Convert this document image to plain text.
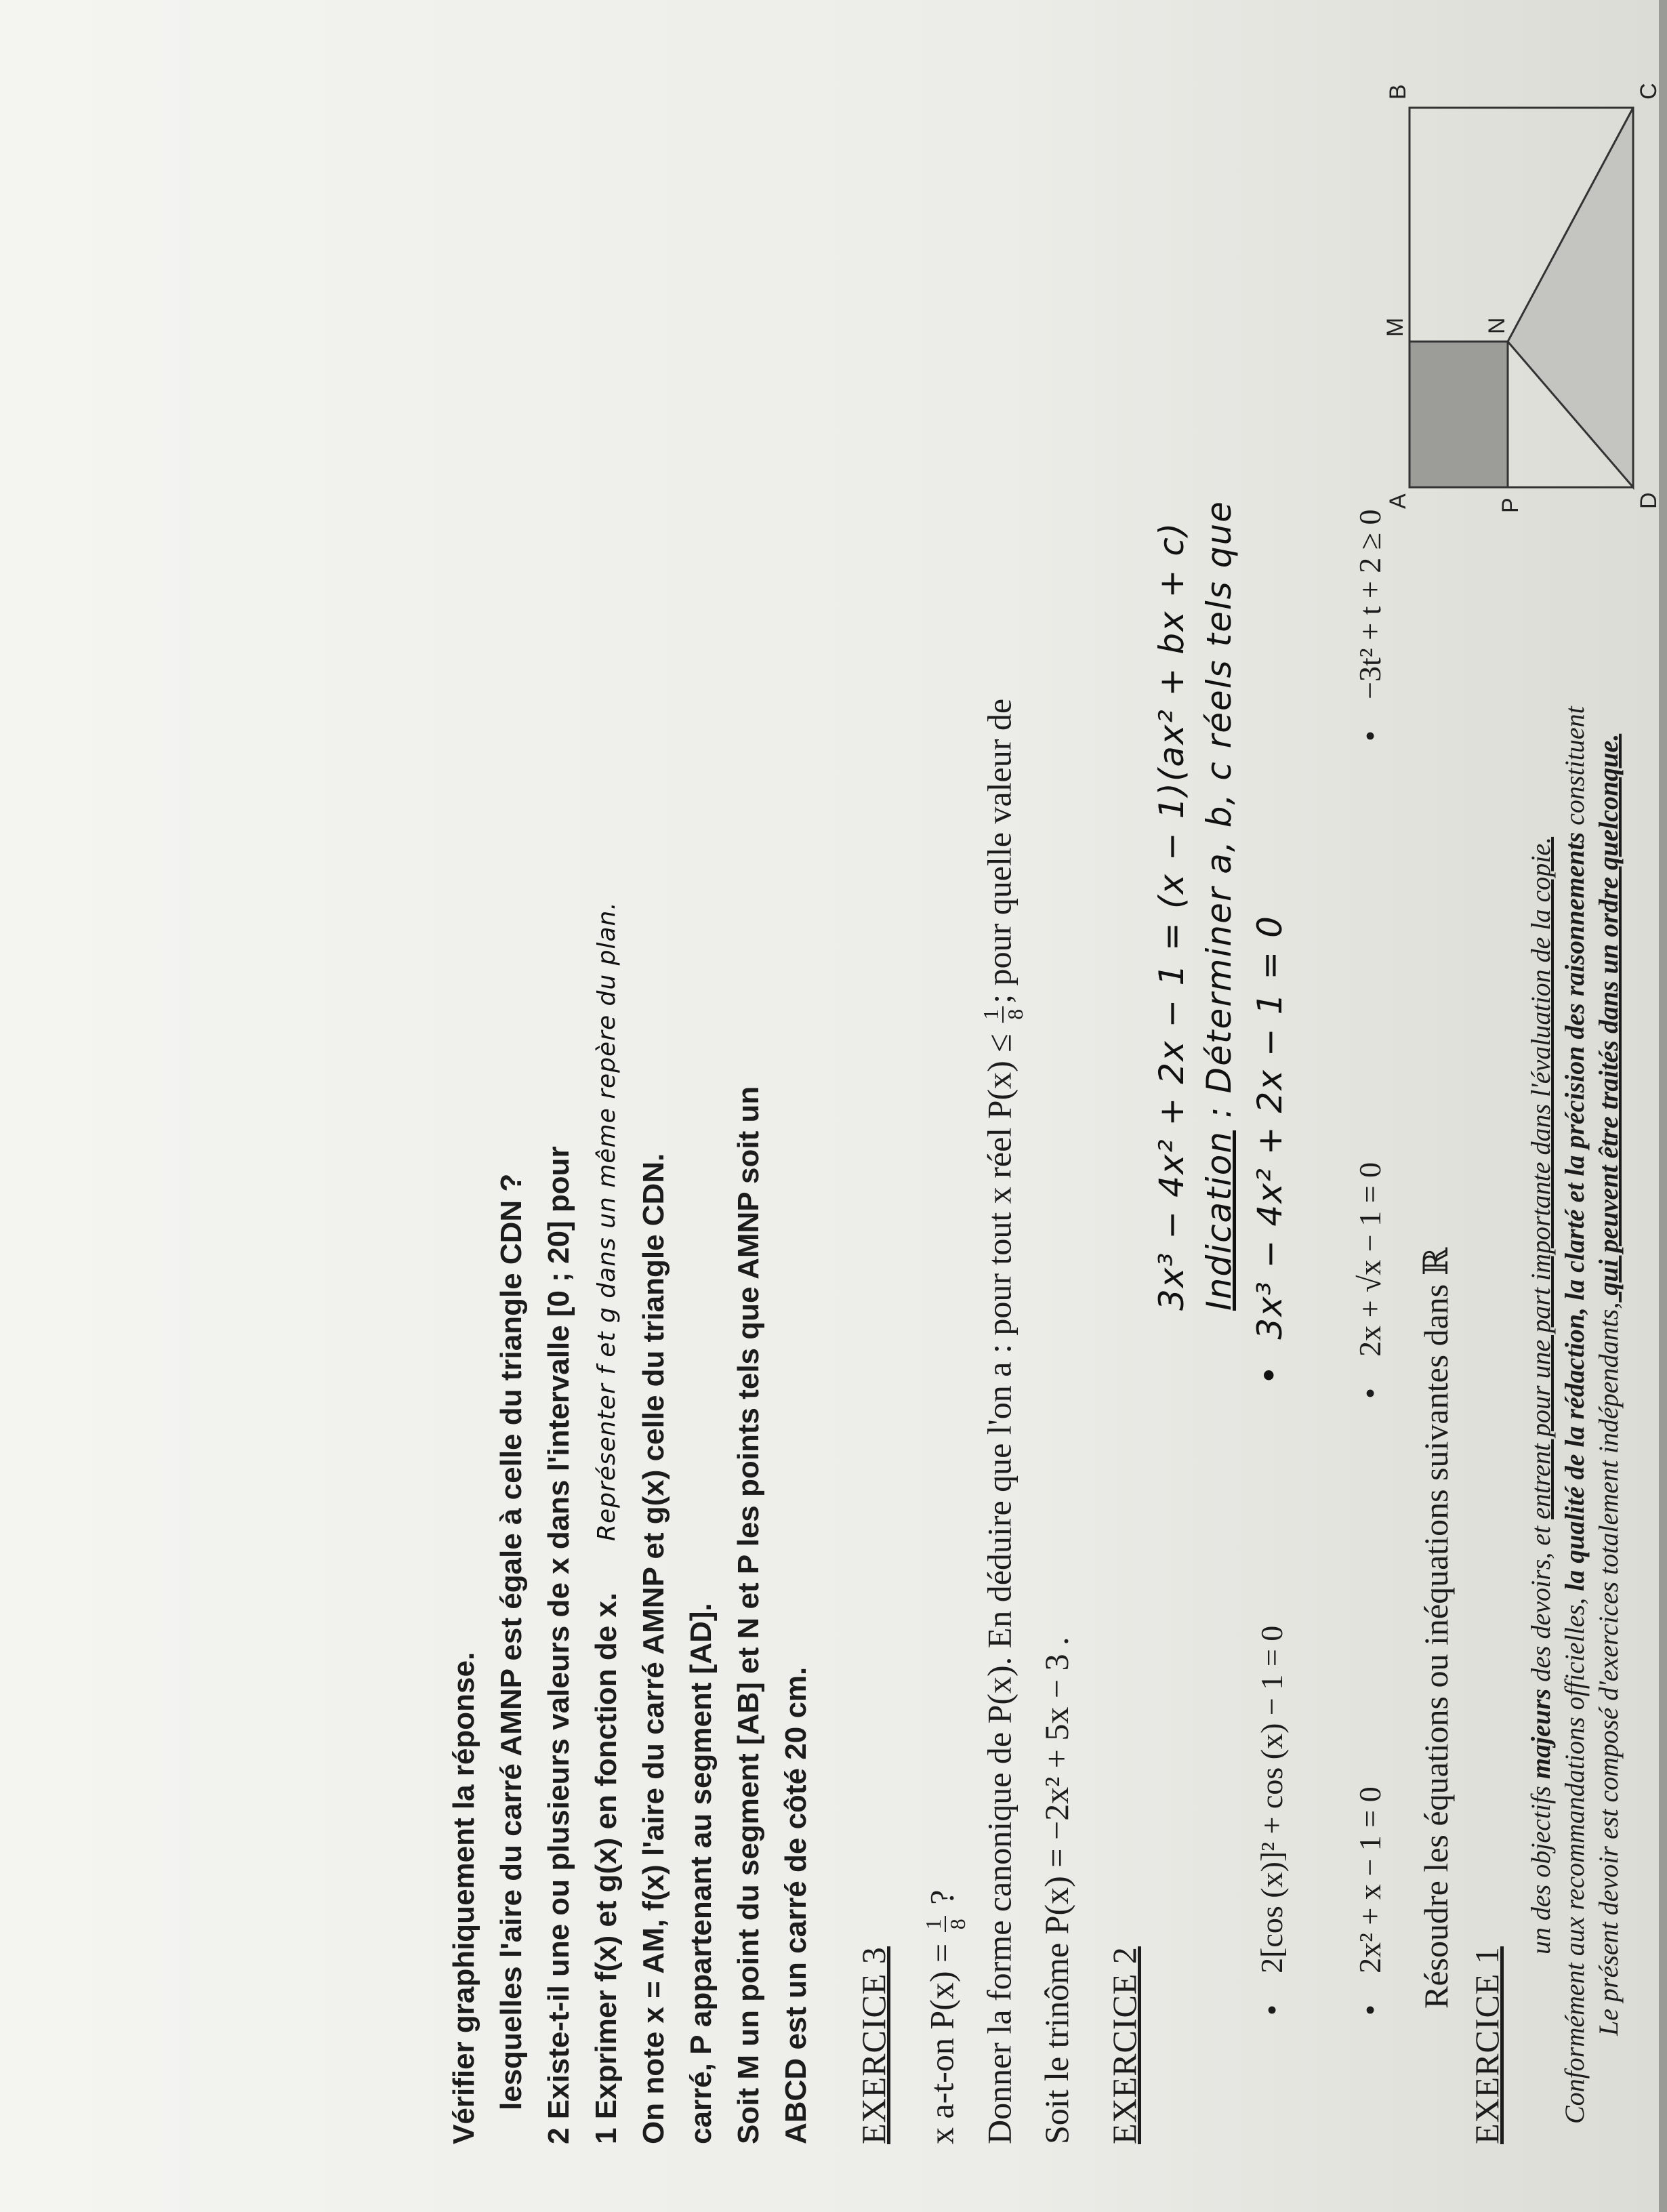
Le présent devoir est composé d'exercices totalement indépendants, qui peuvent être traités dans un ordre quelconque.
Conformément aux recommandations officielles, la qualité de la rédaction, la clarté et la précision des raisonnements constituent
un des objectifs majeurs des devoirs, et entrent pour une part importante dans l'évaluation de la copie.
EXERCICE 1
Résoudre les équations ou inéquations suivantes dans ℝ
•    2x² + x − 1 = 0
•    2x + √x − 1 = 0
•    −3t² + t + 2 ≥ 0
•    2[cos (x)]² + cos (x) − 1 = 0
•  3x³ − 4x² + 2x − 1 = 0
Indication : Déterminer a, b, c réels tels que
3x³ − 4x² + 2x − 1 = (x − 1)(ax² + bx + c)
EXERCICE 2
Soit le trinôme P(x) = −2x² + 5x − 3 .
Donner la forme canonique de P(x). En déduire que l'on a : pour tout x réel P(x) ≤
1 8
; pour quelle valeur de
x a-t-on P(x) =
1 8
?
EXERCICE 3
ABCD est un carré de côté 20 cm.
Soit M un point du segment [AB] et N et P les points tels que AMNP soit un
carré, P appartenant au segment [AD].
On note x = AM, f(x) l'aire du carré AMNP et g(x) celle du triangle CDN.
1 Exprimer f(x) et g(x) en fonction de x.
Représenter f et g dans un même repère du plan.
2 Existe-t-il une ou plusieurs valeurs de x dans l'intervalle [0 ; 20] pour
lesquelles l'aire du carré AMNP est égale à celle du triangle CDN ?
Vérifier graphiquement la réponse.
A
B	C
D
M	N
P
